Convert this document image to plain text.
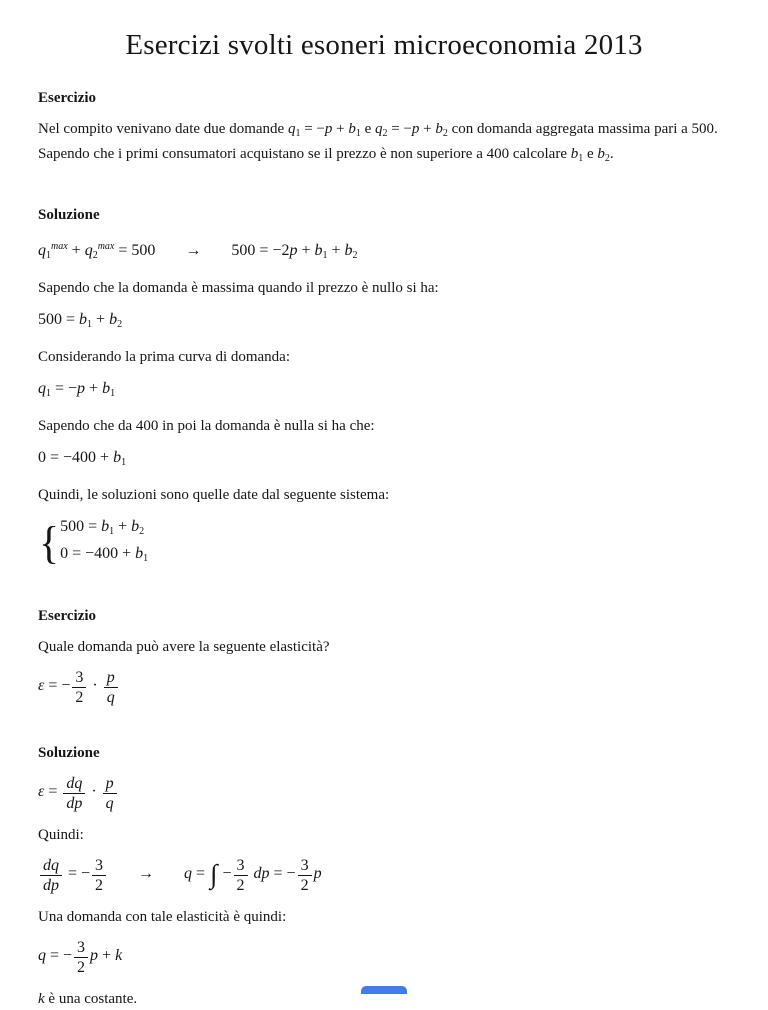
Esercizi svolti esoneri microeconomia 2013
Esercizio

Nel compito venivano date due domande $q_1 = -p + b_1$ e $q_2 = -p + b_2$ con domanda aggregata massima pari a 500. Sapendo che i primi consumatori acquistano se il prezzo è non superiore a 400 calcolare $b_1$ e $b_2$.

Soluzione
$q1^{max} + q2^{max} = 500 \to 500 = -2p + b1 + b2$

Sapendo che la domanda è massima quando il prezzo è nullo si ha:

500 = b1 + b2

Considerando la prima curva di domanda:

q1 = −p + b1

Sapendo che da 400 in poi la domanda è nulla si ha che:

0 = −400 + b1

Quindi, le soluzioni sono quelle date dal seguente sistema:

{ 500 = b1 + b2
0 = −400 + b1
Esercizio

Quale domanda può avere la seguente elasticità?

ε = − $\frac{3}{2} \cdot \frac{p}{q}$
Soluzione
$\varepsilon = \frac{dq}{dp} \cdot \frac{p}{q}$

Quindi:

$\frac{dq}{dp}$ = − $\frac{3}{2} \to q$ = ∫ − $\frac{3}{2}$ dp = − $\frac{3}{2}$ p

Una domanda con tale elasticità è quindi:

q = − $\frac{3}{2}$ p + k

k è una costante.
